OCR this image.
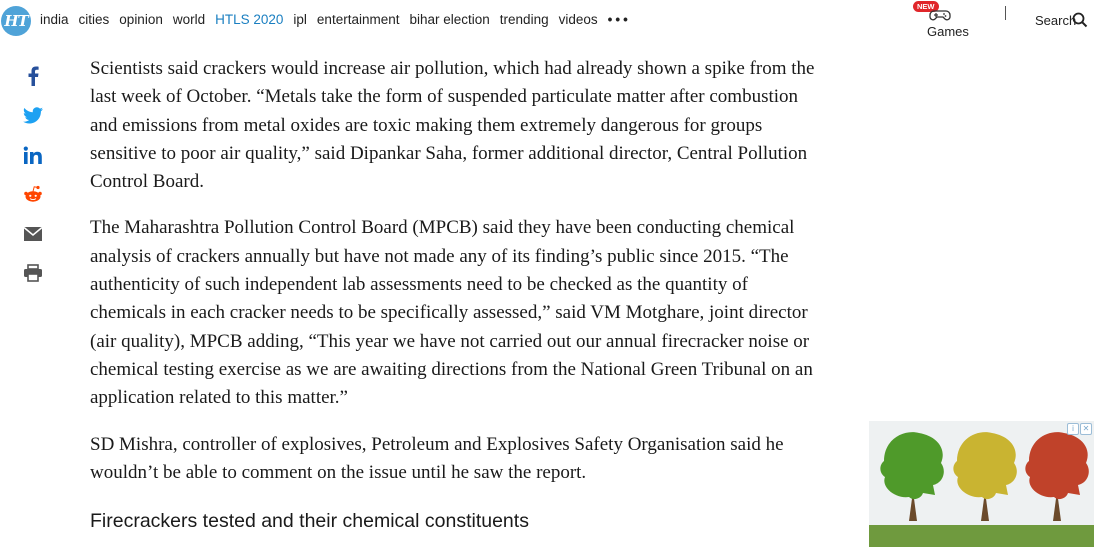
HT india cities opinion world HTLS 2020 ipl entertainment bihar election trending videos •••
NEW
Games
Search

Scientists said crackers would increase air pollution, which had already shown a spike from the last week of October. “Metals take the form of suspended particulate matter after combustion and emissions from metal oxides are toxic making them extremely dangerous for groups sensitive to poor air quality,” said Dipankar Saha, former additional director, Central Pollution Control Board.

The Maharashtra Pollution Control Board (MPCB) said they have been conducting chemical analysis of crackers annually but have not made any of its finding’s public since 2015. “The authenticity of such independent lab assessments need to be checked as the quantity of chemicals in each cracker needs to be specifically assessed,” said VM Motghare, joint director (air quality), MPCB adding, “This year we have not carried out our annual firecracker noise or chemical testing exercise as we are awaiting directions from the National Green Tribunal on an application related to this matter.”

SD Mishra, controller of explosives, Petroleum and Explosives Safety Organisation said he wouldn’t be able to comment on the issue until he saw the report.

Firecrackers tested and their chemical constituents
i	✕
